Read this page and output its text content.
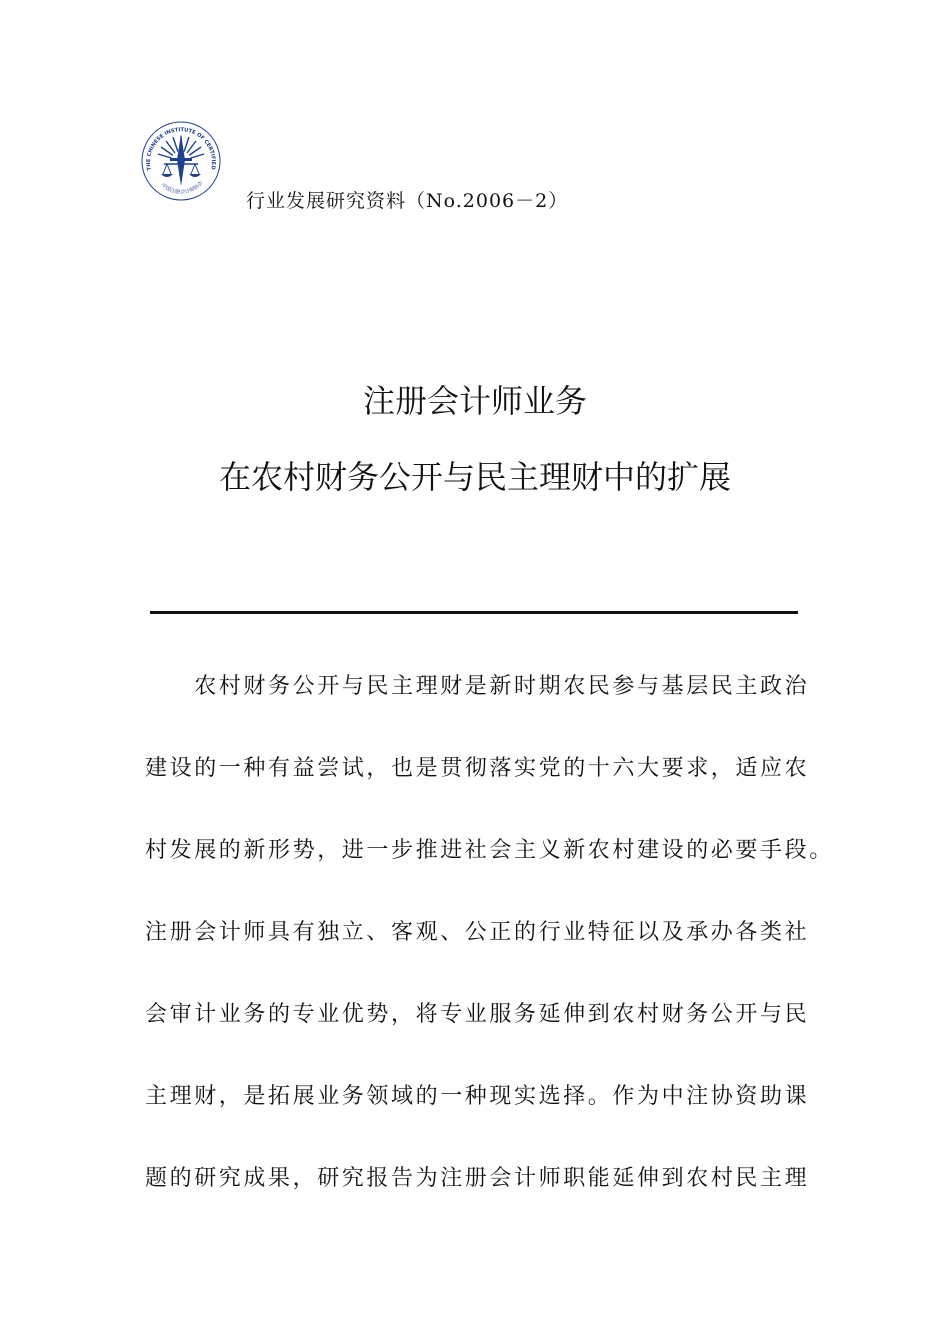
THE CHINESE INSTITUTE OF CERTIFIED
中国注册会计师协会
行业发展研究资料（No.2006－2）
注册会计师业务
在农村财务公开与民主理财中的扩展
　　农村财务公开与民主理财是新时期农民参与基层民主政治
建设的一种有益尝试，也是贯彻落实党的十六大要求，适应农
村发展的新形势，进一步推进社会主义新农村建设的必要手段。
注册会计师具有独立、客观、公正的行业特征以及承办各类社
会审计业务的专业优势，将专业服务延伸到农村财务公开与民
主理财，是拓展业务领域的一种现实选择。作为中注协资助课
题的研究成果，研究报告为注册会计师职能延伸到农村民主理
